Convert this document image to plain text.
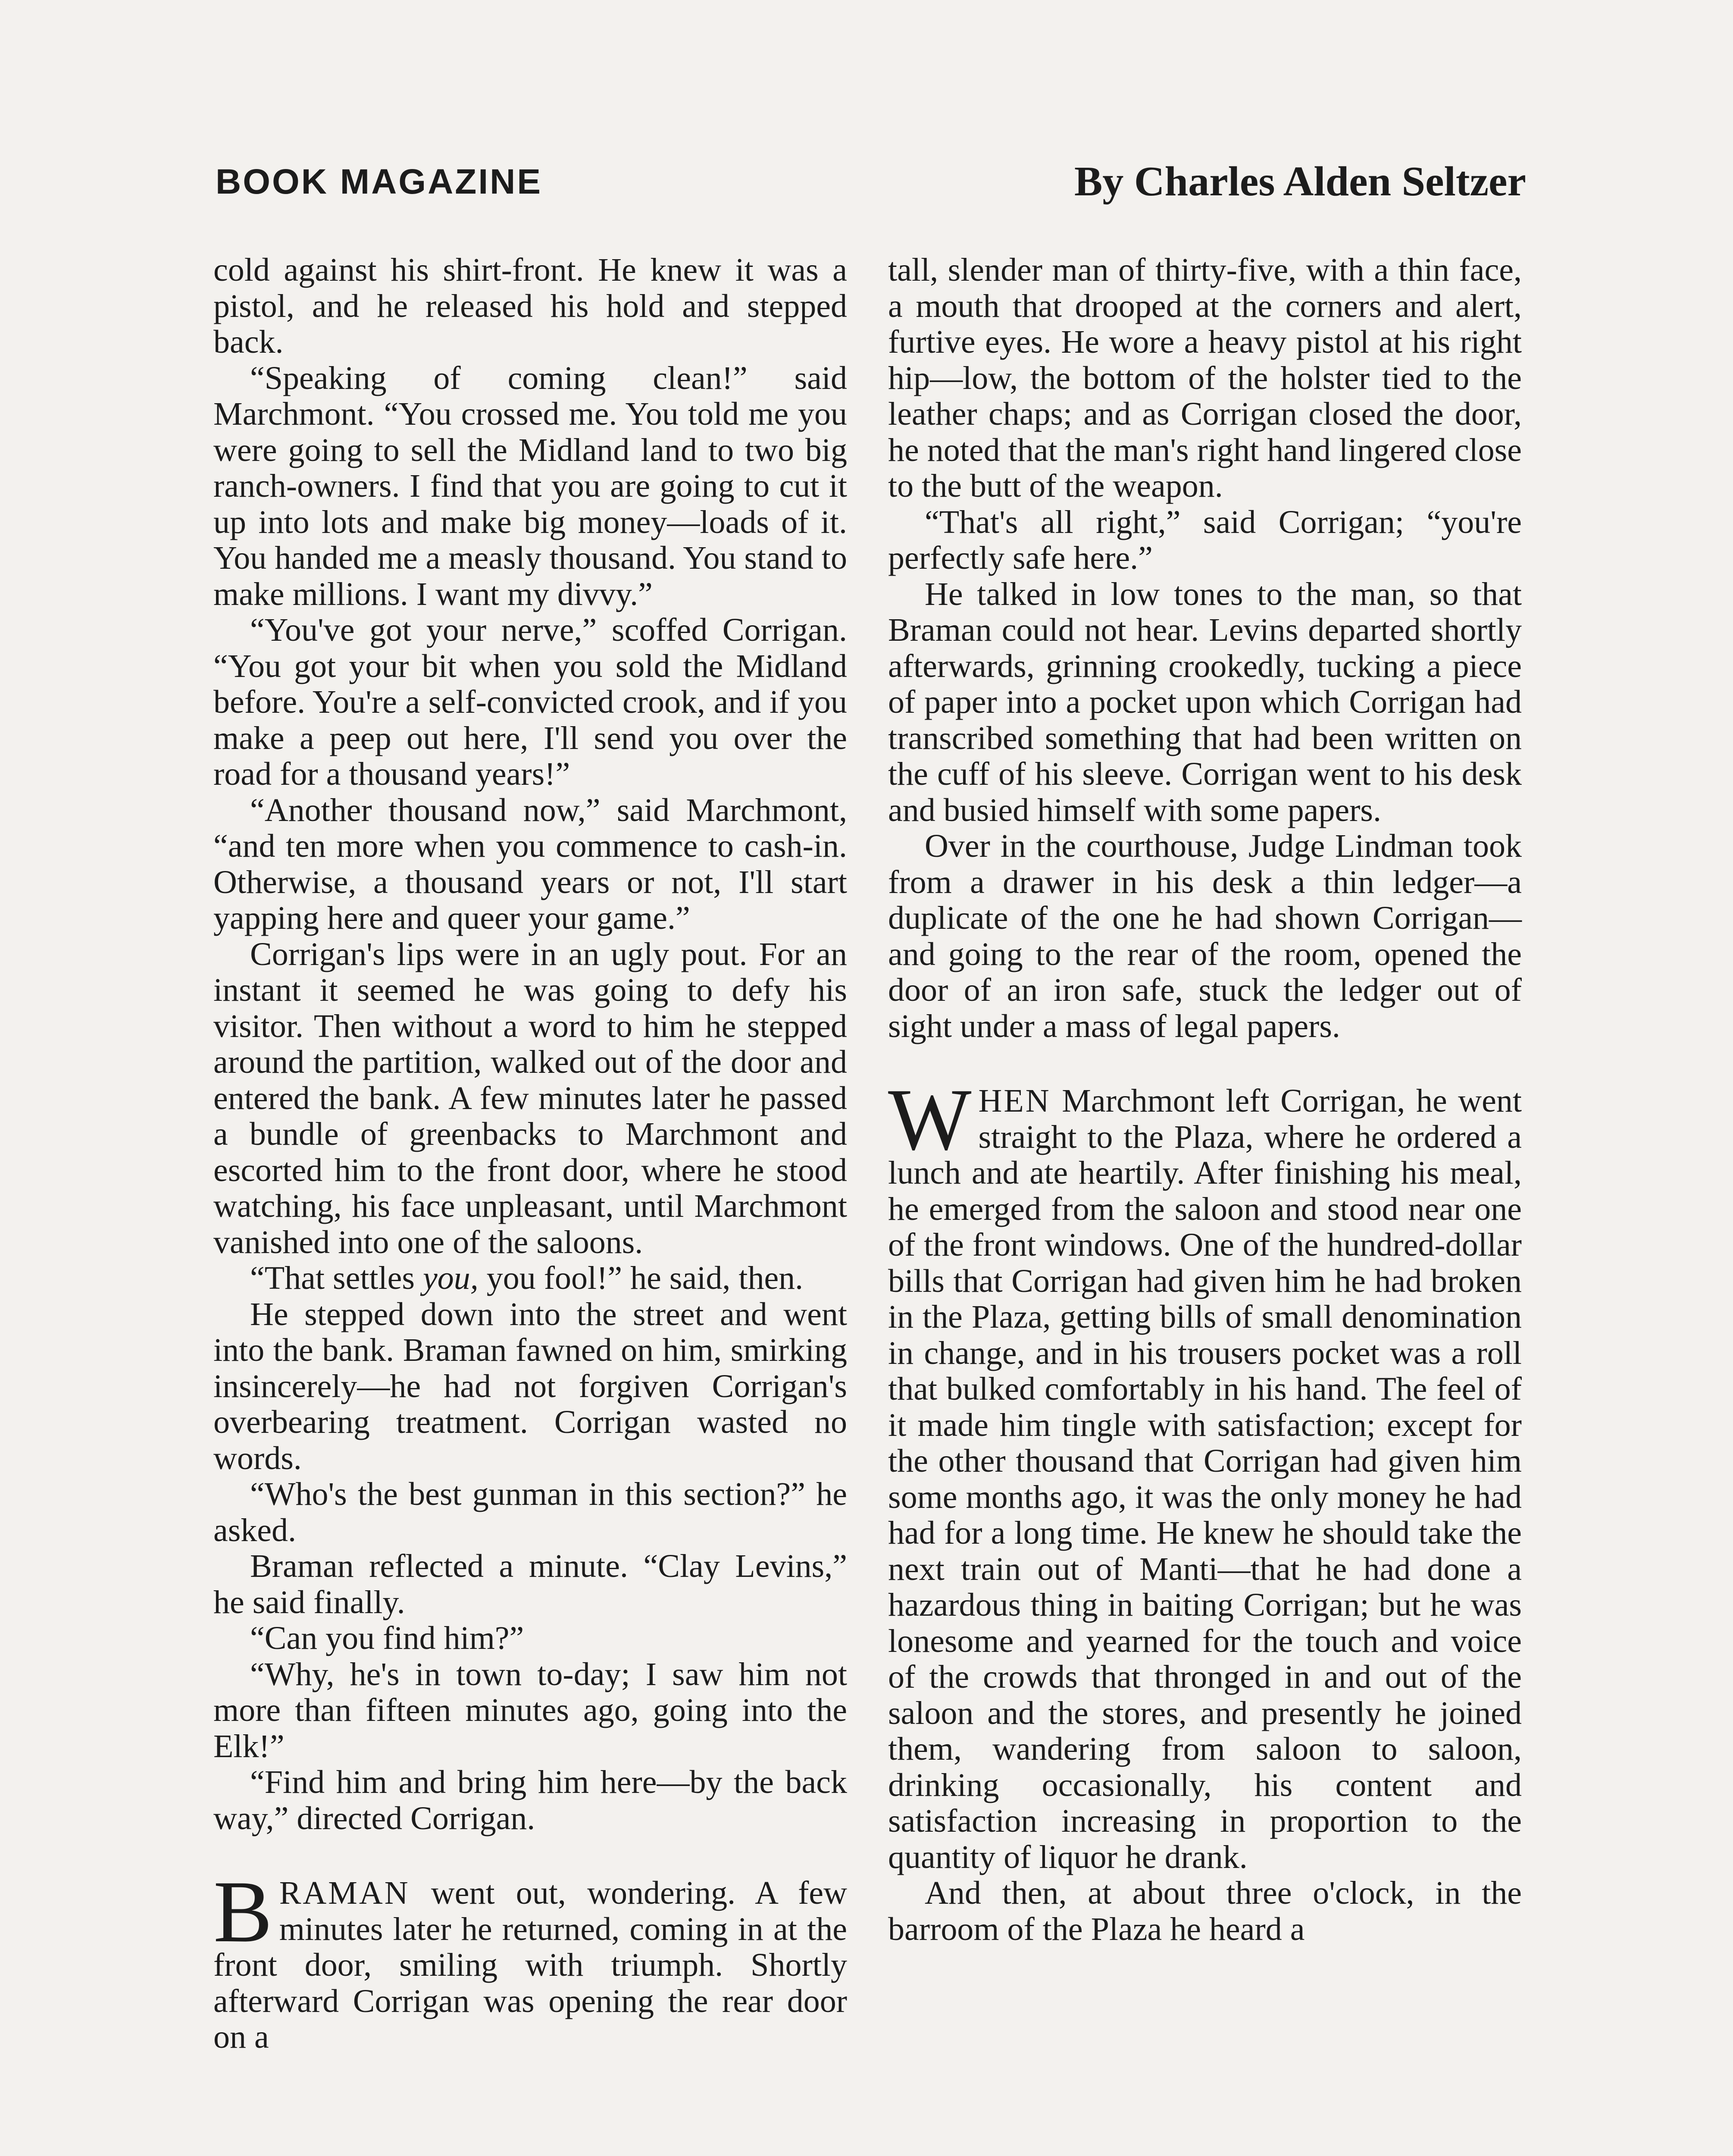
BOOK MAGAZINE	By Charles Alden Seltzer

cold against his shirt-front. He knew it was a pistol, and he released his hold and stepped back.

“Speaking of coming clean!” said Marchmont. “You crossed me. You told me you were going to sell the Midland land to two big ranch-owners. I find that you are going to cut it up into lots and make big money—loads of it. You handed me a measly thousand. You stand to make millions. I want my divvy.”

“You've got your nerve,” scoffed Corrigan. “You got your bit when you sold the Midland before. You're a self-convicted crook, and if you make a peep out here, I'll send you over the road for a thousand years!”

“Another thousand now,” said Marchmont, “and ten more when you commence to cash-in. Otherwise, a thousand years or not, I'll start yapping here and queer your game.”

Corrigan's lips were in an ugly pout. For an instant it seemed he was going to defy his visitor. Then without a word to him he stepped around the partition, walked out of the door and entered the bank. A few minutes later he passed a bundle of greenbacks to Marchmont and escorted him to the front door, where he stood watching, his face unpleasant, until Marchmont vanished into one of the saloons.

“That settles you, you fool!” he said, then.

He stepped down into the street and went into the bank. Braman fawned on him, smirking insincerely—he had not forgiven Corrigan's overbearing treatment. Corrigan wasted no words.

“Who's the best gunman in this section?” he asked.

Braman reflected a minute. “Clay Levins,” he said finally.

“Can you find him?”

“Why, he's in town to-day; I saw him not more than fifteen minutes ago, going into the Elk!”

“Find him and bring him here—by the back way,” directed Corrigan.

BRAMAN went out, wondering. A few minutes later he returned, coming in at the front door, smiling with triumph. Shortly afterward Corrigan was opening the rear door on a

tall, slender man of thirty-five, with a thin face, a mouth that drooped at the corners and alert, furtive eyes. He wore a heavy pistol at his right hip—low, the bottom of the holster tied to the leather chaps; and as Corrigan closed the door, he noted that the man's right hand lingered close to the butt of the weapon.

“That's all right,” said Corrigan; “you're perfectly safe here.”

He talked in low tones to the man, so that Braman could not hear. Levins departed shortly afterwards, grinning crookedly, tucking a piece of paper into a pocket upon which Corrigan had transcribed something that had been written on the cuff of his sleeve. Corrigan went to his desk and busied himself with some papers.

Over in the courthouse, Judge Lindman took from a drawer in his desk a thin ledger—a duplicate of the one he had shown Corrigan—and going to the rear of the room, opened the door of an iron safe, stuck the ledger out of sight under a mass of legal papers.

WHEN Marchmont left Corrigan, he went straight to the Plaza, where he ordered a lunch and ate heartily. After finishing his meal, he emerged from the saloon and stood near one of the front windows. One of the hundred-dollar bills that Corrigan had given him he had broken in the Plaza, getting bills of small denomination in change, and in his trousers pocket was a roll that bulked comfortably in his hand. The feel of it made him tingle with satisfaction; except for the other thousand that Corrigan had given him some months ago, it was the only money he had had for a long time. He knew he should take the next train out of Manti—that he had done a hazardous thing in baiting Corrigan; but he was lonesome and yearned for the touch and voice of the crowds that thronged in and out of the saloon and the stores, and presently he joined them, wandering from saloon to saloon, drinking occasionally, his content and satisfaction increasing in proportion to the quantity of liquor he drank.

And then, at about three o'clock, in the barroom of the Plaza he heard a
